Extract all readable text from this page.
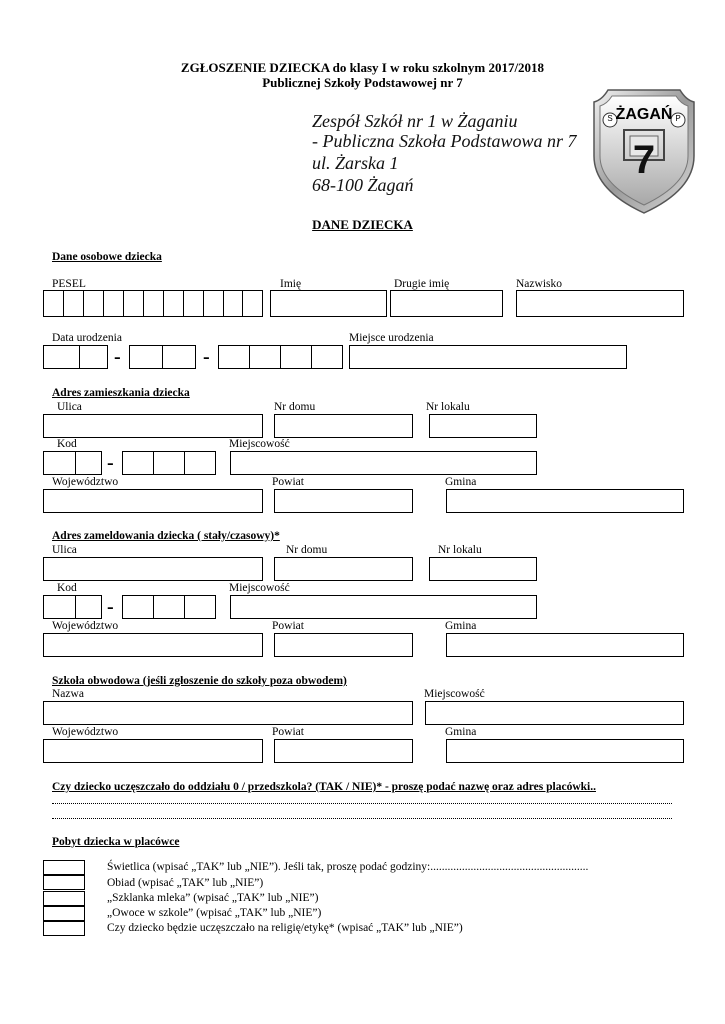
ZGŁOSZENIE DZIECKA do klasy I w roku szkolnym 2017/2018
Publicznej Szkoły Podstawowej nr 7
Zespół Szkół nr 1 w Żaganiu
- Publiczna Szkoła Podstawowa nr 7
ul. Żarska 1
68-100 Żagań
ŻAGAŃ
S	P
7
DANE DZIECKA
Dane osobowe dziecka
PESEL	Imię	Drugie imię	Nazwisko
Data urodzenia	Miejsce urodzenia
-	-
Adres zamieszkania dziecka
Ulica	Nr domu	Nr lokalu
Kod	Miejscowość
-
Województwo	Powiat	Gmina
Adres zameldowania dziecka ( stały/czasowy)*
Ulica	Nr domu	Nr lokalu
Kod	Miejscowość
-
Województwo	Powiat	Gmina
Szkoła obwodowa (jeśli zgłoszenie do szkoły poza obwodem)
Nazwa	Miejscowość
Województwo	Powiat	Gmina
Czy dziecko uczęszczało do oddziału 0 / przedszkola? (TAK / NIE)* - proszę podać nazwę oraz adres placówki..
Pobyt dziecka w placówce
Świetlica (wpisać „TAK” lub „NIE”). Jeśli tak, proszę podać godziny:.......................................................
Obiad (wpisać „TAK” lub „NIE”)
„Szklanka mleka” (wpisać „TAK” lub „NIE”)
„Owoce w szkole” (wpisać „TAK” lub „NIE”)
Czy dziecko będzie uczęszczało na religię/etykę* (wpisać „TAK” lub „NIE”)
